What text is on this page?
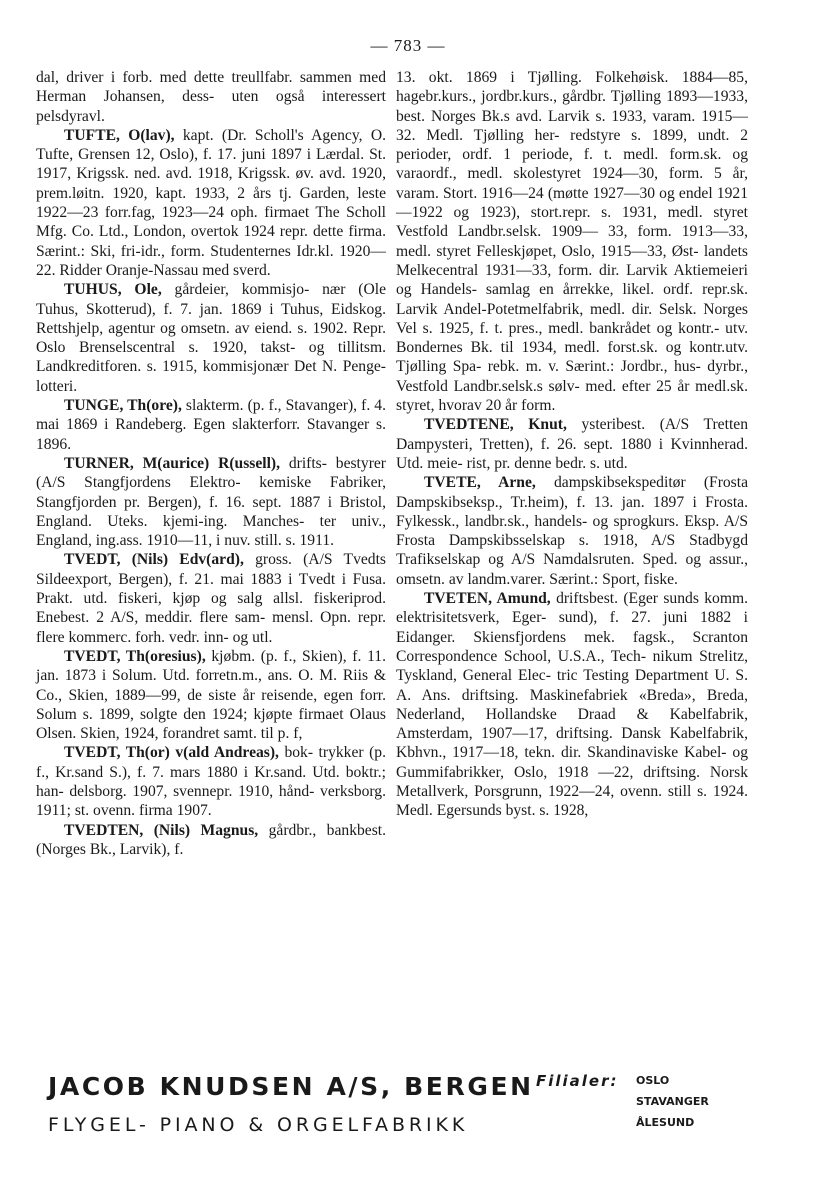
— 783 —

dal, driver i forb. med dette treullfabr. sammen med Herman Johansen, dess- uten også interessert pelsdyravl.

TUFTE, O(lav), kapt. (Dr. Scholl's Agency, O. Tufte, Grensen 12, Oslo), f. 17. juni 1897 i Lærdal. St. 1917, Krigssk. ned. avd. 1918, Krigssk. øv. avd. 1920, prem.løitn. 1920, kapt. 1933, 2 års tj. Garden, leste 1922—23 forr.fag, 1923—24 oph. firmaet The Scholl Mfg. Co. Ltd., London, overtok 1924 repr. dette firma. Særint.: Ski, fri-idr., form. Studenternes Idr.kl. 1920—22. Ridder Oranje-Nassau med sverd.

TUHUS, Ole, gårdeier, kommisjo- nær (Ole Tuhus, Skotterud), f. 7. jan. 1869 i Tuhus, Eidskog. Rettshjelp, agentur og omsetn. av eiend. s. 1902. Repr. Oslo Brenselscentral s. 1920, takst- og tillitsm. Landkreditforen. s. 1915, kommisjonær Det N. Penge- lotteri.

TUNGE, Th(ore), slakterm. (p. f., Stavanger), f. 4. mai 1869 i Randeberg. Egen slakterforr. Stavanger s. 1896.

TURNER, M(aurice) R(ussell), drifts- bestyrer (A/S Stangfjordens Elektro- kemiske Fabriker, Stangfjorden pr. Bergen), f. 16. sept. 1887 i Bristol, England. Uteks. kjemi-ing. Manches- ter univ., England, ing.ass. 1910—11, i nuv. still. s. 1911.

TVEDT, (Nils) Edv(ard), gross. (A/S Tvedts Sildeexport, Bergen), f. 21. mai 1883 i Tvedt i Fusa. Prakt. utd. fiskeri, kjøp og salg allsl. fiskeriprod. Enebest. 2 A/S, meddir. flere sam- mensl. Opn. repr. flere kommerc. forh. vedr. inn- og utl.

TVEDT, Th(oresius), kjøbm. (p. f., Skien), f. 11. jan. 1873 i Solum. Utd. forretn.m., ans. O. M. Riis & Co., Skien, 1889—99, de siste år reisende, egen forr. Solum s. 1899, solgte den 1924; kjøpte firmaet Olaus Olsen. Skien, 1924, forandret samt. til p. f,

TVEDT, Th(or) v(ald Andreas), bok- trykker (p. f., Kr.sand S.), f. 7. mars 1880 i Kr.sand. Utd. boktr.; han- delsborg. 1907, svennepr. 1910, hånd- verksborg. 1911; st. ovenn. firma 1907.

TVEDTEN, (Nils) Magnus, gårdbr., bankbest. (Norges Bk., Larvik), f.

13. okt. 1869 i Tjølling. Folkehøisk. 1884—85, hagebr.kurs., jordbr.kurs., gårdbr. Tjølling 1893—1933, best. Norges Bk.s avd. Larvik s. 1933, varam. 1915—32. Medl. Tjølling her- redstyre s. 1899, undt. 2 perioder, ordf. 1 periode, f. t. medl. form.sk. og varaordf., medl. skolestyret 1924—30, form. 5 år, varam. Stort. 1916—24 (møtte 1927—30 og endel 1921—1922 og 1923), stort.repr. s. 1931, medl. styret Vestfold Landbr.selsk. 1909— 33, form. 1913—33, medl. styret Felleskjøpet, Oslo, 1915—33, Øst- landets Melkecentral 1931—33, form. dir. Larvik Aktiemeieri og Handels- samlag en årrekke, likel. ordf. repr.sk. Larvik Andel-Potetmelfabrik, medl. dir. Selsk. Norges Vel s. 1925, f. t. pres., medl. bankrådet og kontr.- utv. Bondernes Bk. til 1934, medl. forst.sk. og kontr.utv. Tjølling Spa- rebk. m. v. Særint.: Jordbr., hus- dyrbr., Vestfold Landbr.selsk.s sølv- med. efter 25 år medl.sk. styret, hvorav 20 år form.

TVEDTENE, Knut, ysteribest. (A/S Tretten Dampysteri, Tretten), f. 26. sept. 1880 i Kvinnherad. Utd. meie- rist, pr. denne bedr. s. utd.

TVETE, Arne, dampskibsekspeditør (Frosta Dampskibseksp., Tr.heim), f. 13. jan. 1897 i Frosta. Fylkessk., landbr.sk., handels- og sprogkurs. Eksp. A/S Frosta Dampskibsselskap s. 1918, A/S Stadbygd Trafikselskap og A/S Namdalsruten. Sped. og assur., omsetn. av landm.varer. Særint.: Sport, fiske.

TVETEN, Amund, driftsbest. (Eger sunds komm. elektrisitetsverk, Eger- sund), f. 27. juni 1882 i Eidanger. Skiensfjordens mek. fagsk., Scranton Correspondence School, U.S.A., Tech- nikum Strelitz, Tyskland, General Elec- tric Testing Department U. S. A. Ans. driftsing. Maskinefabriek «Breda», Breda, Nederland, Hollandske Draad & Kabelfabrik, Amsterdam, 1907—17, driftsing. Dansk Kabelfabrik, Kbhvn., 1917—18, tekn. dir. Skandinaviske Kabel- og Gummifabrikker, Oslo, 1918 —22, driftsing. Norsk Metallverk, Porsgrunn, 1922—24, ovenn. still s. 1924. Medl. Egersunds byst. s. 1928,

JACOB KNUDSEN A/S, BERGEN
FLYGEL- PIANO & ORGELFABRIKK
Filialer: OSLO
STAVANGER
ÅLESUND
